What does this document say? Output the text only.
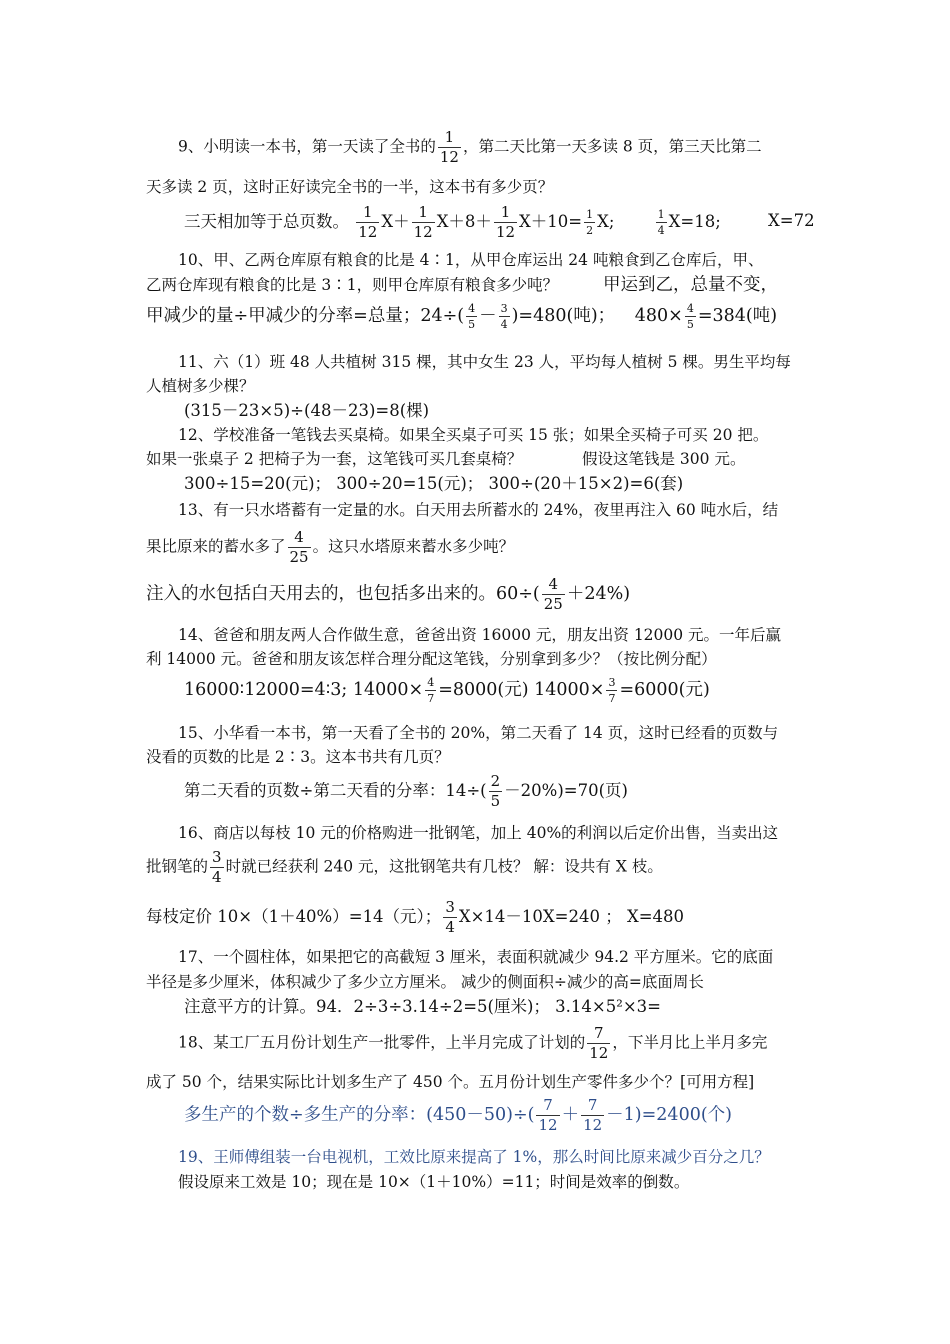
9、小明读一本书，第一天读了全书的 $\frac{1}{12}$ ，第二天比第一天多读 8 页，第三天比第二
天多读 2 页，这时正好读完全书的一半，这本书有多少页？
三天相加等于总页数。 $\frac{1}{12} X+ \frac{1}{12} X+8+ \frac{1}{12} X+10= \frac{1}{2} X$;	$\frac{1}{4} X=18$;	X=72
10、甲、乙两仓库原有粮食的比是 4∶1，从甲仓库运出 24 吨粮食到乙仓库后，甲、
乙两仓库现有粮食的比是 3∶1，则甲仓库原有粮食多少吨？	甲运到乙，总量不变，
甲减少的量÷甲减少的分率=总量；$24\div( \frac{4}{5} - \frac{3}{4} )=480$(吨)； $480\times \frac{4}{5} =384$(吨)
11、六（1）班 48 人共植树 315 棵，其中女生 23 人，平均每人植树 5 棵。男生平均每
人植树多少棵？
(315－23×5)÷(48－23)=8(棵)
12、学校准备一笔钱去买桌椅。如果全买桌子可买 15 张；如果全买椅子可买 20 把。
如果一张桌子 2 把椅子为一套，这笔钱可买几套桌椅？	假设这笔钱是 300 元。
300÷15=20(元)； 300÷20=15(元)； 300÷(20＋15×2)=6(套)
13、有一只水塔蓄有一定量的水。白天用去所蓄水的 24%，夜里再注入 60 吨水后，结
果比原来的蓄水多了 $\frac{4}{25}$ 。这只水塔原来蓄水多少吨？
注入的水包括白天用去的，也包括多出来的。$60\div( \frac{4}{25} +24\%)$
14、爸爸和朋友两人合作做生意，爸爸出资 16000 元，朋友出资 12000 元。一年后赢
利 14000 元。爸爸和朋友该怎样合理分配这笔钱，分别拿到多少？（按比例分配）
16000∶12000=4∶3; $14000\times \frac{4}{7} =8000$(元) $14000\times \frac{3}{7} =6000$(元)
15、小华看一本书，第一天看了全书的 20%，第二天看了 14 页，这时已经看的页数与
没看的页数的比是 2∶3。这本书共有几页？
第二天看的页数÷第二天看的分率：$14\div( \frac{2}{5} -20\%)=70$(页)
16、商店以每枝 10 元的价格购进一批钢笔，加上 40%的利润以后定价出售，当卖出这
批钢笔的 $\frac{3}{4}$ 时就已经获利 240 元，这批钢笔共有几枝？ 解：设共有 X 枝。
每枝定价 10×（1＋40%）=14（元）； $\frac{3}{4} X\times 14-10X=240$ ； X=480
17、一个圆柱体，如果把它的高截短 3 厘米，表面积就减少 94.2 平方厘米。它的底面
半径是多少厘米，体积减少了多少立方厘米。 减少的侧面积÷减少的高=底面周长
注意平方的计算。94．2÷3÷3.14÷2=5(厘米)； 3.14×5²×3=
18、某工厂五月份计划生产一批零件，上半月完成了计划的 $\frac{7}{12}$ ，下半月比上半月多完
成了 50 个，结果实际比计划多生产了 450 个。五月份计划生产零件多少个？[可用方程]
多生产的个数÷多生产的分率：$(450-50)\div( \frac{7}{12} + \frac{7}{12} -1)=2400$(个)
19、王师傅组装一台电视机，工效比原来提高了 1%，那么时间比原来减少百分之几？
假设原来工效是 10；现在是 10×（1＋10%）=11；时间是效率的倒数。
